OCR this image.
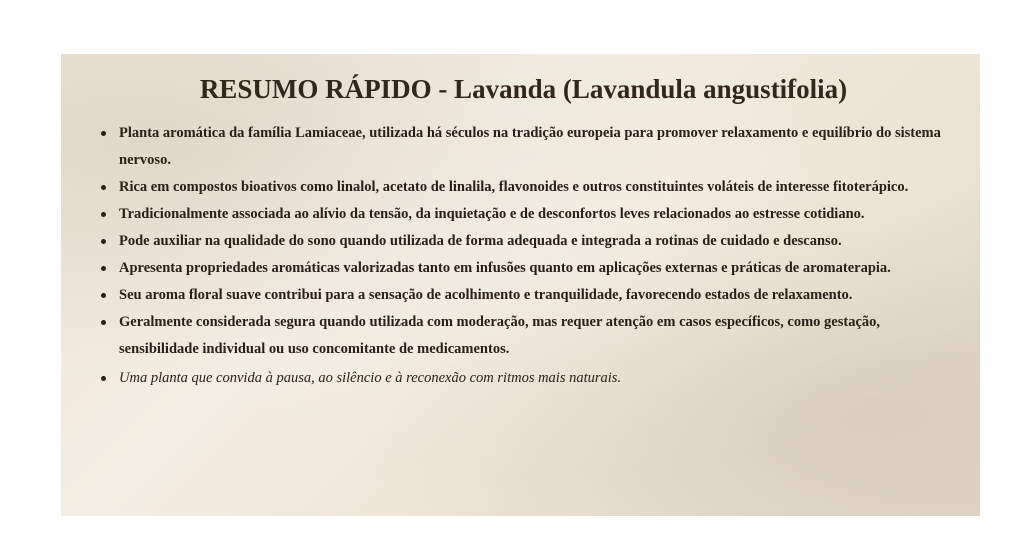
RESUMO RÁPIDO - Lavanda (Lavandula angustifolia)
Planta aromática da família Lamiaceae, utilizada há séculos na tradição europeia para promover relaxamento e equilíbrio do sistema nervoso.
Rica em compostos bioativos como linalol, acetato de linalila, flavonoides e outros constituintes voláteis de interesse fitoterápico.
Tradicionalmente associada ao alívio da tensão, da inquietação e de desconfortos leves relacionados ao estresse cotidiano.
Pode auxiliar na qualidade do sono quando utilizada de forma adequada e integrada a rotinas de cuidado e descanso.
Apresenta propriedades aromáticas valorizadas tanto em infusões quanto em aplicações externas e práticas de aromaterapia.
Seu aroma floral suave contribui para a sensação de acolhimento e tranquilidade, favorecendo estados de relaxamento.
Geralmente considerada segura quando utilizada com moderação, mas requer atenção em casos específicos, como gestação, sensibilidade individual ou uso concomitante de medicamentos.
Uma planta que convida à pausa, ao silêncio e à reconexão com ritmos mais naturais.
